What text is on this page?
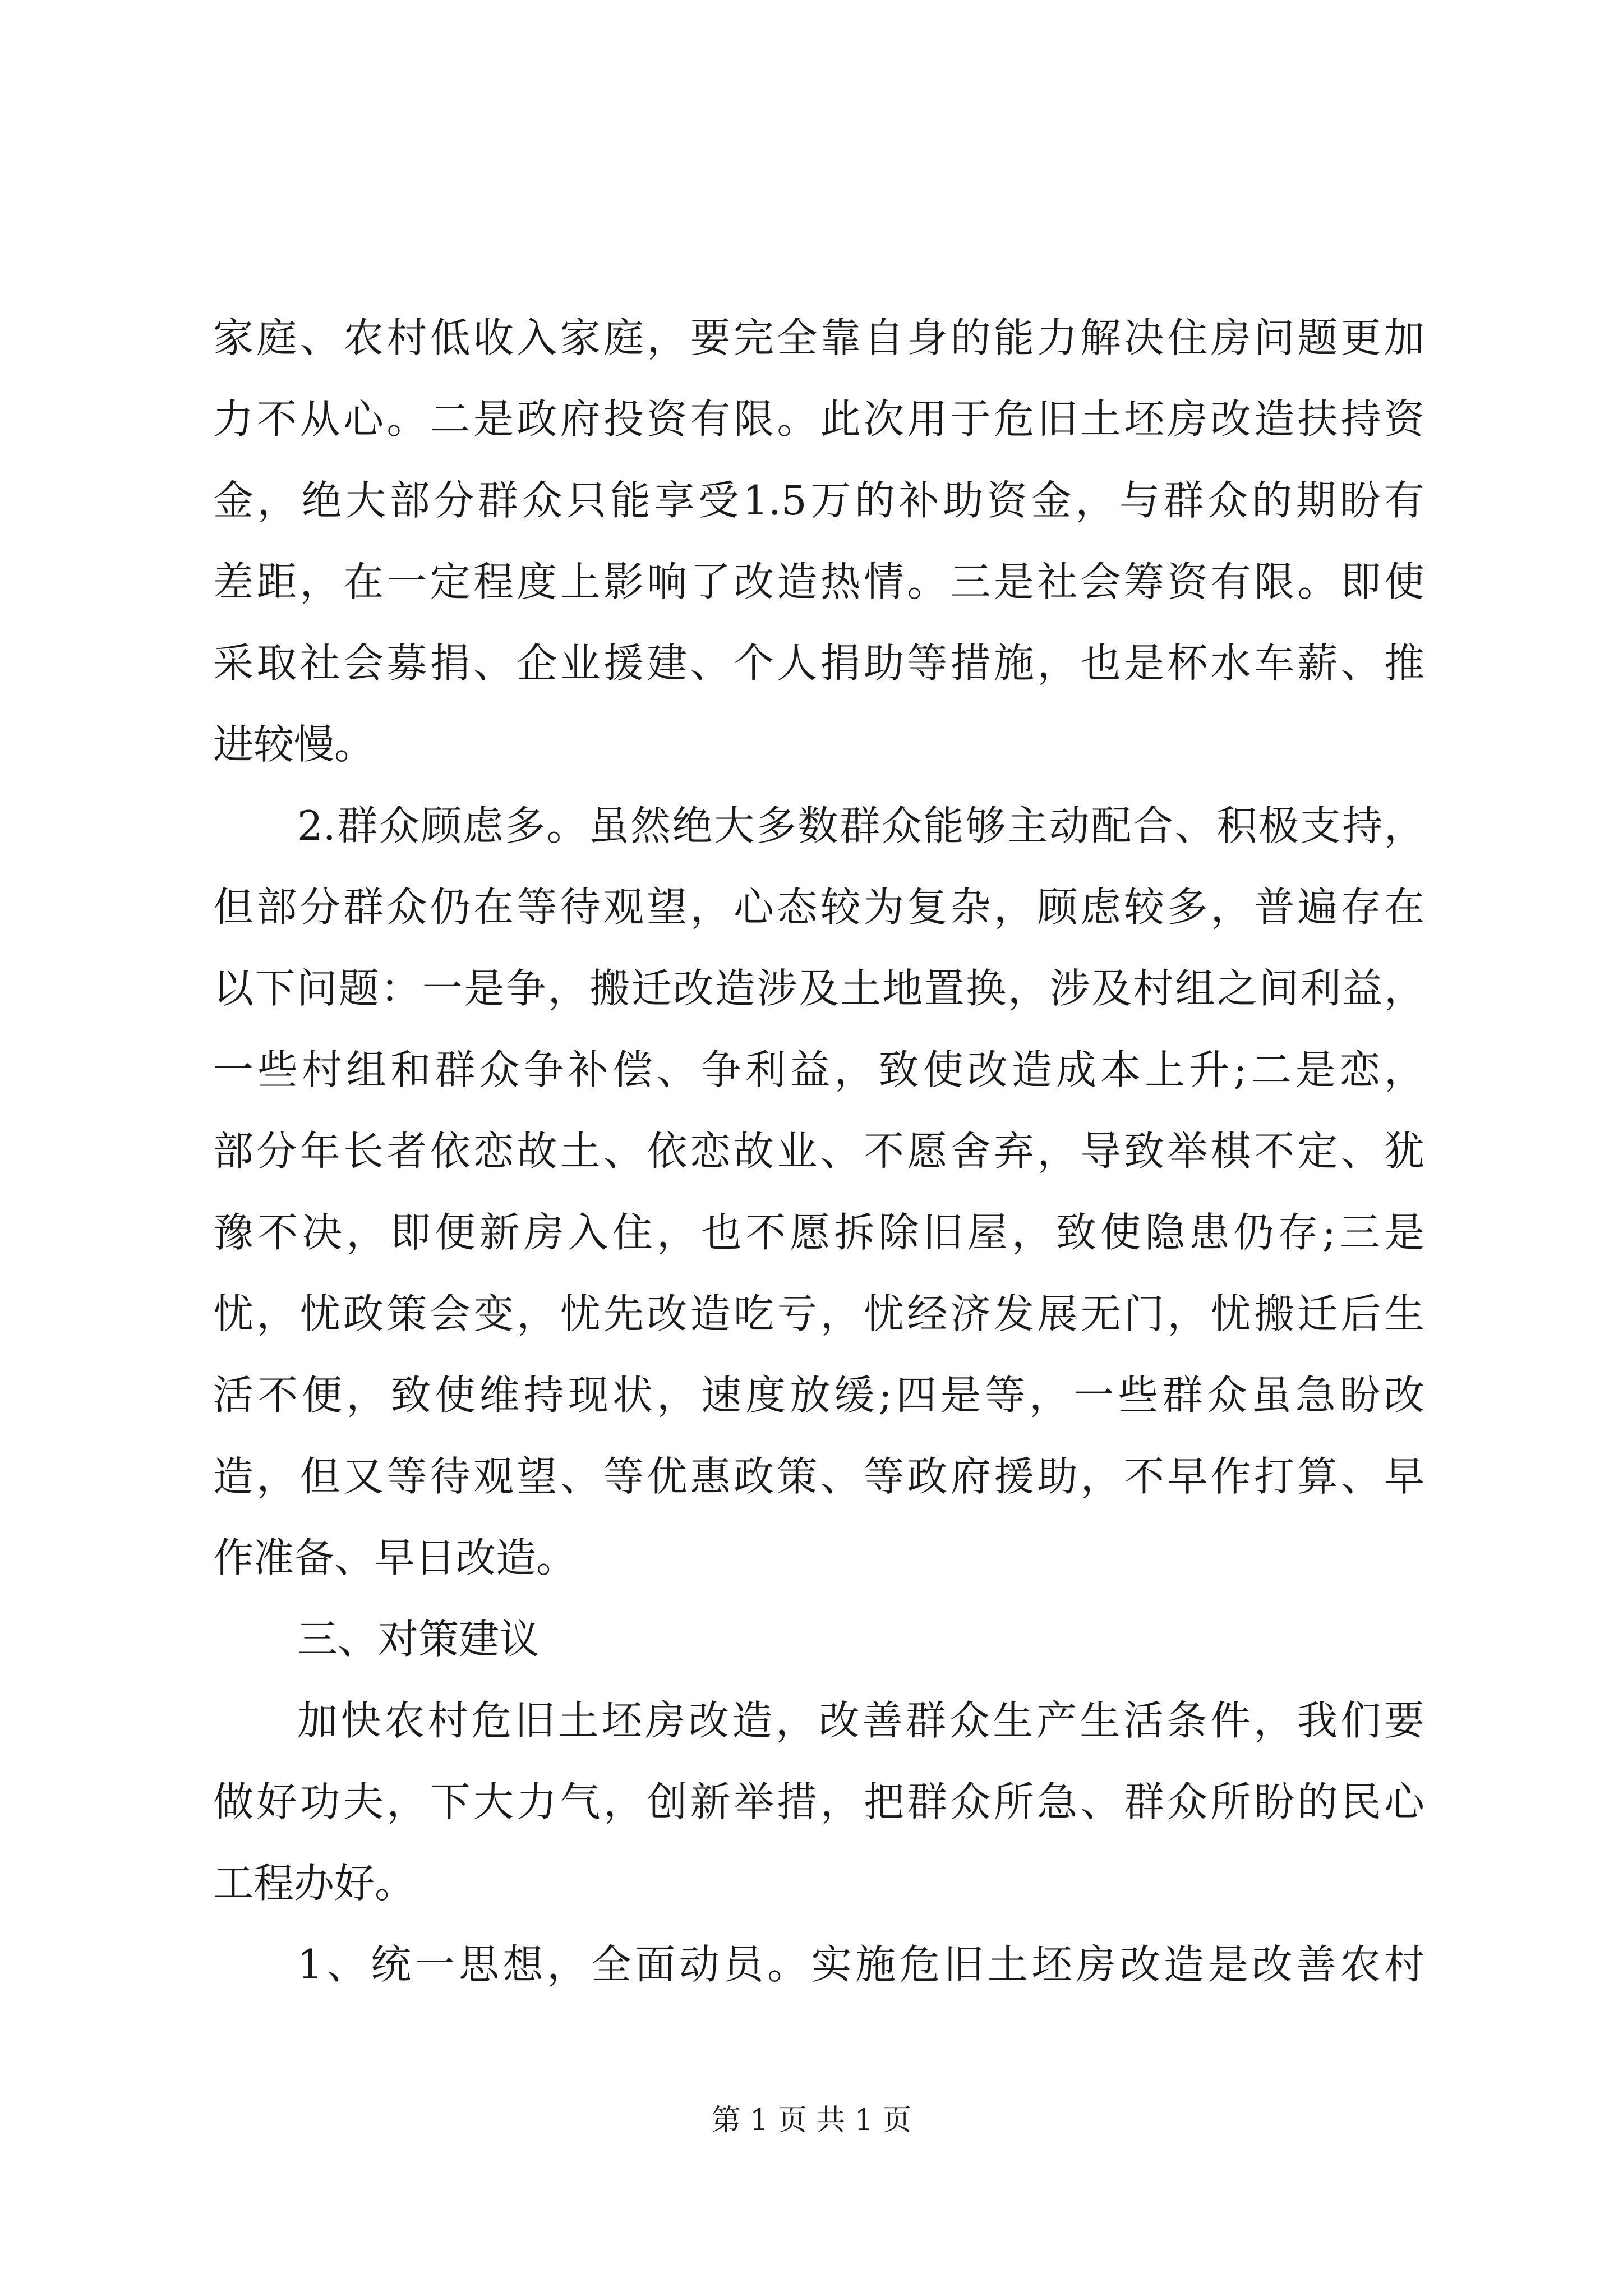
家庭、农村低收入家庭，要完全靠自身的能力解决住房问题更加
力不从心。二是政府投资有限。此次用于危旧土坯房改造扶持资
金，绝大部分群众只能享受1.5万的补助资金，与群众的期盼有
差距，在一定程度上影响了改造热情。三是社会筹资有限。即使
采取社会募捐、企业援建、个人捐助等措施，也是杯水车薪、推
进较慢。
2.群众顾虑多。虽然绝大多数群众能够主动配合、积极支持，
但部分群众仍在等待观望，心态较为复杂，顾虑较多，普遍存在
以下问题：一是争，搬迁改造涉及土地置换，涉及村组之间利益，
一些村组和群众争补偿、争利益，致使改造成本上升;二是恋，
部分年长者依恋故土、依恋故业、不愿舍弃，导致举棋不定、犹
豫不决，即便新房入住，也不愿拆除旧屋，致使隐患仍存;三是
忧，忧政策会变，忧先改造吃亏，忧经济发展无门，忧搬迁后生
活不便，致使维持现状，速度放缓;四是等，一些群众虽急盼改
造，但又等待观望、等优惠政策、等政府援助，不早作打算、早
作准备、早日改造。
三、对策建议
加快农村危旧土坯房改造，改善群众生产生活条件，我们要
做好功夫，下大力气，创新举措，把群众所急、群众所盼的民心
工程办好。
1、统一思想，全面动员。实施危旧土坯房改造是改善农村
第 1 页 共 1 页
